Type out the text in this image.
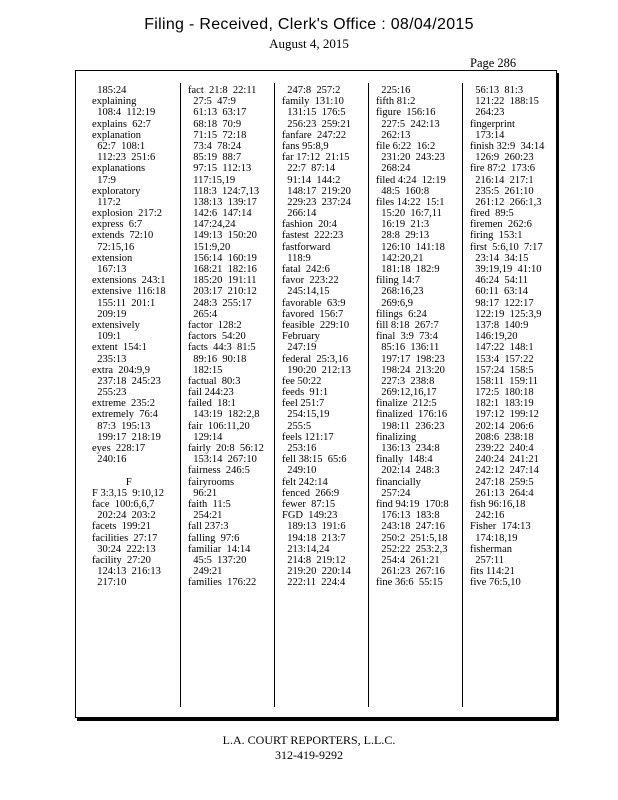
Filing - Received, Clerk's Office : 08/04/2015
August 4, 2015
Page 286
185:24
explaining
108:4  112:19
explains  62:7
explanation
62:7  108:1
112:23  251:6
explanations
17:9
exploratory
117:2
explosion  217:2
express  6:7
extends  72:10
72:15,16
extension
167:13
extensions  243:1
extensive  116:18
155:11  201:1
209:19
extensively
109:1
extent  154:1
235:13
extra  204:9,9
237:18  245:23
255:23
extreme  235:2
extremely  76:4
87:3  195:13
199:17  218:19
eyes  228:17
240:16
F
F 3:3,15  9:10,12
face  100:6,6,7
202:24  203:2
facets  199:21
facilities  27:17
30:24  222:13
facility  27:20
124:13  216:13
217:10
fact  21:8  22:11
27:5  47:9
61:13  63:17
68:18  70:9
71:15  72:18
73:4  78:24
85:19  88:7
97:15  112:13
117:15,19
118:3  124:7,13
138:13  139:17
142:6  147:14
147:24,24
149:13  150:20
151:9,20
156:14  160:19
168:21  182:16
185:20  191:11
203:17  210:12
248:3  255:17
265:4
factor  128:2
factors  54:20
facts  44:3  81:5
89:16  90:18
182:15
factual  80:3
fail 244:23
failed  18:1
143:19  182:2,8
fair  106:11,20
129:14
fairly  20:8  56:12
153:14  267:10
fairness  246:5
fairyrooms
96:21
faith  11:5
254:21
fall 237:3
falling  97:6
familiar  14:14
45:5  137:20
249:21
families  176:22
247:8  257:2
family  131:10
131:15  176:5
256:23  259:21
fanfare  247:22
fans 95:8,9
far 17:12  21:15
22:7  87:14
91:14  144:2
148:17  219:20
229:23  237:24
266:14
fashion  20:4
fastest  222:23
fastforward
118:9
fatal  242:6
favor  223:22
245:14,15
favorable  63:9
favored  156:7
feasible  229:10
February
247:19
federal  25:3,16
190:20  212:13
fee 50:22
feeds  91:1
feel 251:7
254:15,19
255:5
feels 121:17
253:16
fell 38:15  65:6
249:10
felt 242:14
fenced  266:9
fewer  87:15
FGD  149:23
189:13  191:6
194:18  213:7
213:14,24
214:8  219:12
219:20  220:14
222:11  224:4
225:16
fifth 81:2
figure  156:16
227:5  242:13
262:13
file 6:22  16:2
231:20  243:23
268:24
filed 4:24  12:19
48:5  160:8
files 14:22  15:1
15:20  16:7,11
16:19  21:3
28:8  29:13
126:10  141:18
142:20,21
181:18  182:9
filing 14:7
268:16,23
269:6,9
filings  6:24
fill 8:18  267:7
final  3:9  73:4
85:16  136:11
197:17  198:23
198:24  213:20
227:3  238:8
269:12,16,17
finalize  212:5
finalized  176:16
198:11  236:23
finalizing
136:13  234:8
finally  148:4
202:14  248:3
financially
257:24
find 94:19  170:8
176:13  183:8
243:18  247:16
250:2  251:5,18
252:22  253:2,3
254:4  261:21
261:23  267:16
fine 36:6  55:15
56:13  81:3
121:22  188:15
264:23
fingerprint
173:14
finish 32:9  34:14
126:9  260:23
fire 87:2  173:6
216:14  217:1
235:5  261:10
261:12  266:1,3
fired  89:5
firemen  262:6
firing  153:1
first  5:6,10  7:17
23:14  34:15
39:19,19  41:10
46:24  54:11
60:11  63:14
98:17  122:17
122:19  125:3,9
137:8  140:9
146:19,20
147:22  148:1
153:4  157:22
157:24  158:5
158:11  159:11
172:5  180:18
182:1  183:19
197:12  199:12
202:14  206:6
208:6  238:18
239:22  240:4
240:24  241:21
242:12  247:14
247:18  259:5
261:13  264:4
fish 96:16,18
242:16
Fisher  174:13
174:18,19
fisherman
257:11
fits 114:21
five 76:5,10
L.A. COURT REPORTERS, L.L.C.
312-419-9292
